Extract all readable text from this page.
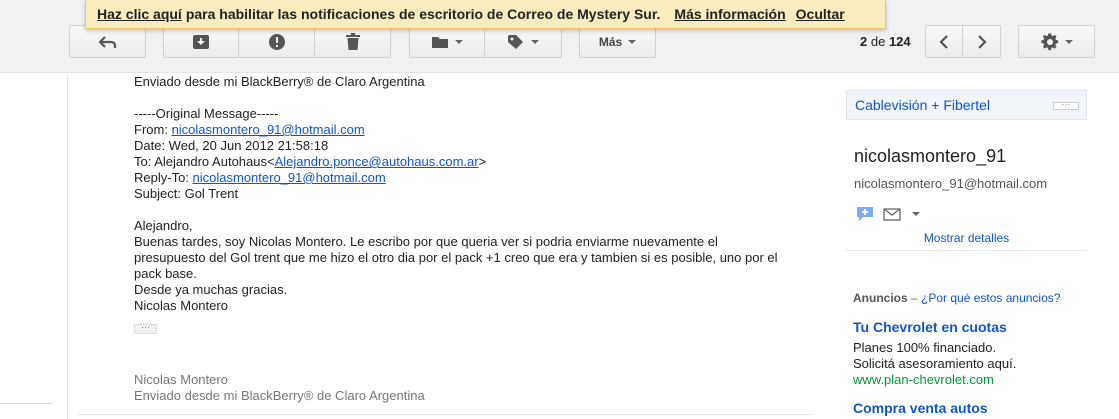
Más	2 de 124
Haz clic aquí para habilitar las notificaciones de escritorio de Correo de Mystery Sur. Más información Ocultar
Enviado desde mi BlackBerry® de Claro Argentina
-----Original Message-----
From: nicolasmontero_91@hotmail.com
Date: Wed, 20 Jun 2012 21:58:18
To: Alejandro Autohaus<Alejandro.ponce@autohaus.com.ar>
Reply-To: nicolasmontero_91@hotmail.com
Subject: Gol Trent
Alejandro,
Buenas tardes, soy Nicolas Montero. Le escribo por que queria ver si podria enviarme nuevamente el presupuesto del Gol trent que me hizo el otro dia por el pack +1 creo que era y tambien si es posible, uno por el pack base.
Desde ya muchas gracias.
Nicolas Montero
···
Nicolas Montero
Enviado desde mi BlackBerry® de Claro Argentina
Cablevisión + Fibertel	···
nicolasmontero_91
nicolasmontero_91@hotmail.com
Mostrar detalles
Anuncios – ¿Por qué estos anuncios?
Tu Chevrolet en cuotas
Planes 100% financiado.
Solicitá asesoramiento aquí.
www.plan-chevrolet.com
Compra venta autos
